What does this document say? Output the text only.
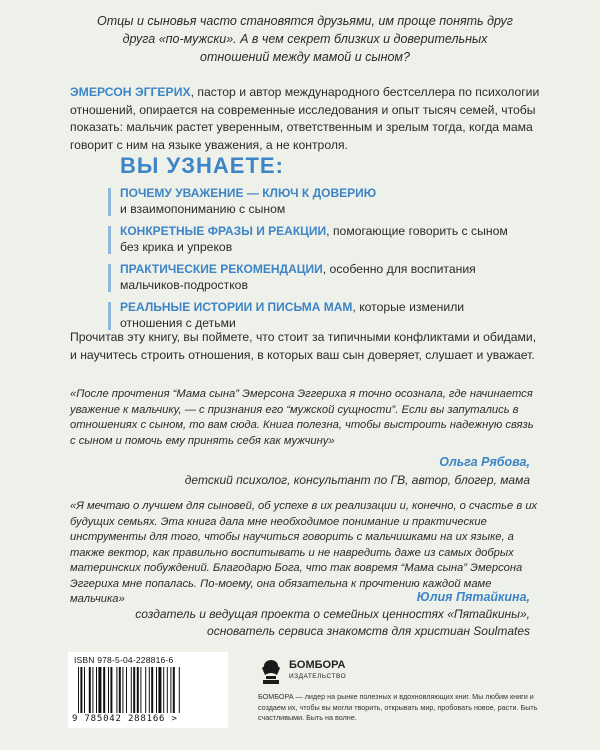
Отцы и сыновья часто становятся друзьями, им проще понять друг друга «по-мужски». А в чем секрет близких и доверительных отношений между мамой и сыном?

ЭМЕРСОН ЭГГЕРИХ, пастор и автор международного бестселлера по психологии отношений, опирается на современные исследования и опыт тысяч семей, чтобы показать: мальчик растет уверенным, ответственным и зрелым тогда, когда мама говорит с ним на языке уважения, а не контроля.

ВЫ УЗНАЕТЕ:
ПОЧЕМУ УВАЖЕНИЕ — КЛЮЧ К ДОВЕРИЮ
и взаимопониманию с сыном
КОНКРЕТНЫЕ ФРАЗЫ И РЕАКЦИИ, помогающие говорить с сыном без крика и упреков
ПРАКТИЧЕСКИЕ РЕКОМЕНДАЦИИ, особенно для воспитания мальчиков-подростков
РЕАЛЬНЫЕ ИСТОРИИ И ПИСЬМА МАМ, которые изменили отношения с детьми

Прочитав эту книгу, вы поймете, что стоит за типичными конфликтами и обидами, и научитесь строить отношения, в которых ваш сын доверяет, слушает и уважает.

«После прочтения “Мама сына” Эмерсона Эггериха я точно осознала, где начинается уважение к мальчику, — с признания его “мужской сущности”. Если вы запутались в отношениях с сыном, то вам сюда. Книга полезна, чтобы выстроить надежную связь с сыном и помочь ему принять себя как мужчину»

Ольга Рябова,
детский психолог, консультант по ГВ, автор, блогер, мама

«Я мечтаю о лучшем для сыновей, об успехе в их реализации и, конечно, о счастье в их будущих семьях. Эта книга дала мне необходимое понимание и практические инструменты для того, чтобы научиться говорить с мальчишками на их языке, а также вектор, как правильно воспитывать и не навредить даже из самых добрых материнских побуждений. Благодарю Бога, что так вовремя “Мама сына” Эмерсона Эггериха мне попалась. По-моему, она обязательна к прочтению каждой маме мальчика»	Юлия Пятайкина,
создатель и ведущая проекта о семейных ценностях «Пятайкины»,
основатель сервиса знакомств для христиан Soulmates
ISBN 978-5-04-228816-6
9 785042 288166 >
БОМБОРА
ИЗДАТЕЛЬСТВО
БОМБОРА — лидер на рынке полезных и вдохновляющих книг. Мы любим книги и создаем их, чтобы вы могли творить, открывать мир, пробовать новое, расти. Быть счастливыми. Быть на волне.
